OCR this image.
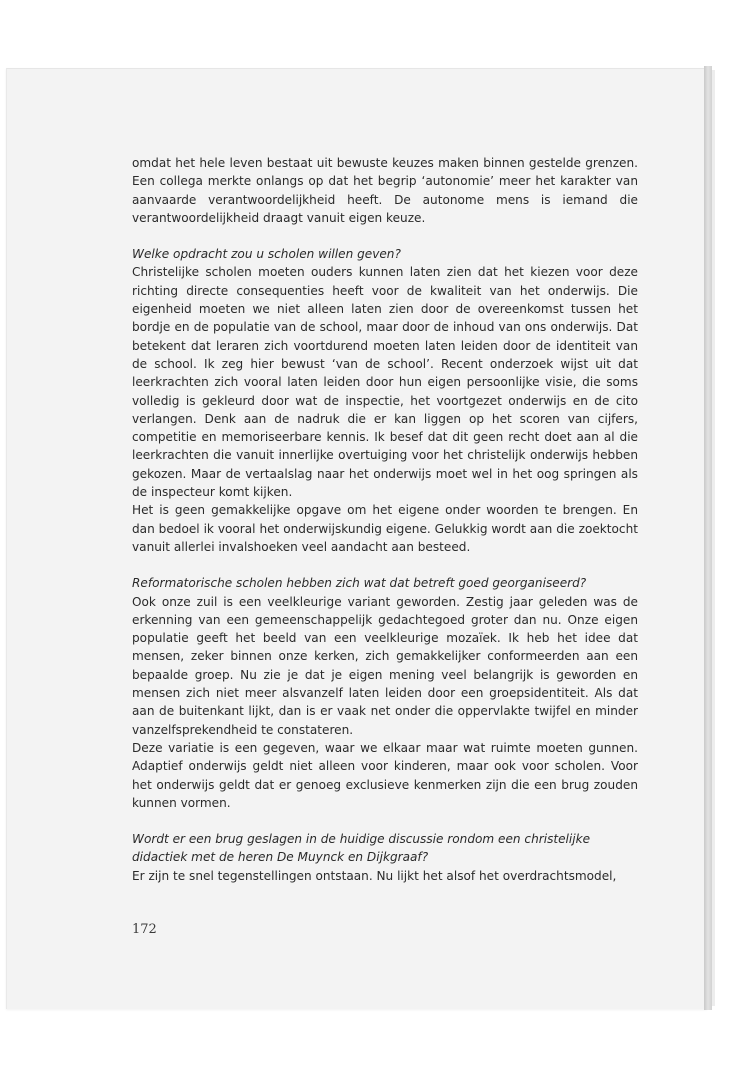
omdat het hele leven bestaat uit bewuste keuzes maken binnen gestelde grenzen. Een collega merkte onlangs op dat het begrip ‘autonomie’ meer het karakter van aanvaarde verantwoordelijkheid heeft. De autonome mens is iemand die verantwoordelijkheid draagt vanuit eigen keuze.

Welke opdracht zou u scholen willen geven?

Christelijke scholen moeten ouders kunnen laten zien dat het kiezen voor deze richting directe consequenties heeft voor de kwaliteit van het onderwijs. Die eigenheid moeten we niet alleen laten zien door de overeenkomst tussen het bordje en de populatie van de school, maar door de inhoud van ons onderwijs. Dat betekent dat leraren zich voortdurend moeten laten leiden door de identiteit van de school. Ik zeg hier bewust ‘van de school’. Recent onderzoek wijst uit dat leerkrachten zich vooral laten leiden door hun eigen persoonlijke visie, die soms volledig is gekleurd door wat de inspectie, het voortgezet onderwijs en de cito verlangen. Denk aan de nadruk die er kan liggen op het scoren van cijfers, competitie en memoriseerbare kennis. Ik besef dat dit geen recht doet aan al die leerkrachten die vanuit innerlijke overtuiging voor het christelijk onderwijs hebben gekozen. Maar de vertaalslag naar het onderwijs moet wel in het oog springen als de inspecteur komt kijken.

Het is geen gemakkelijke opgave om het eigene onder woorden te brengen. En dan bedoel ik vooral het onderwijskundig eigene. Gelukkig wordt aan die zoektocht vanuit allerlei invalshoeken veel aandacht aan besteed.

Reformatorische scholen hebben zich wat dat betreft goed georganiseerd?

Ook onze zuil is een veelkleurige variant geworden. Zestig jaar geleden was de erkenning van een gemeenschappelijk gedachtegoed groter dan nu. Onze eigen populatie geeft het beeld van een veelkleurige mozaïek. Ik heb het idee dat mensen, zeker binnen onze kerken, zich gemakkelijker conformeerden aan een bepaalde groep. Nu zie je dat je eigen mening veel belangrijk is geworden en mensen zich niet meer alsvanzelf laten leiden door een groepsidentiteit. Als dat aan de buitenkant lijkt, dan is er vaak net onder die oppervlakte twijfel en minder vanzelfsprekendheid te constateren.

Deze variatie is een gegeven, waar we elkaar maar wat ruimte moeten gunnen. Adaptief onderwijs geldt niet alleen voor kinderen, maar ook voor scholen. Voor het onderwijs geldt dat er genoeg exclusieve kenmerken zijn die een brug zouden kunnen vormen.

Wordt er een brug geslagen in de huidige discussie rondom een christelijke didactiek met de heren De Muynck en Dijkgraaf?

Er zijn te snel tegenstellingen ontstaan. Nu lijkt het alsof het overdrachtsmodel,

172
